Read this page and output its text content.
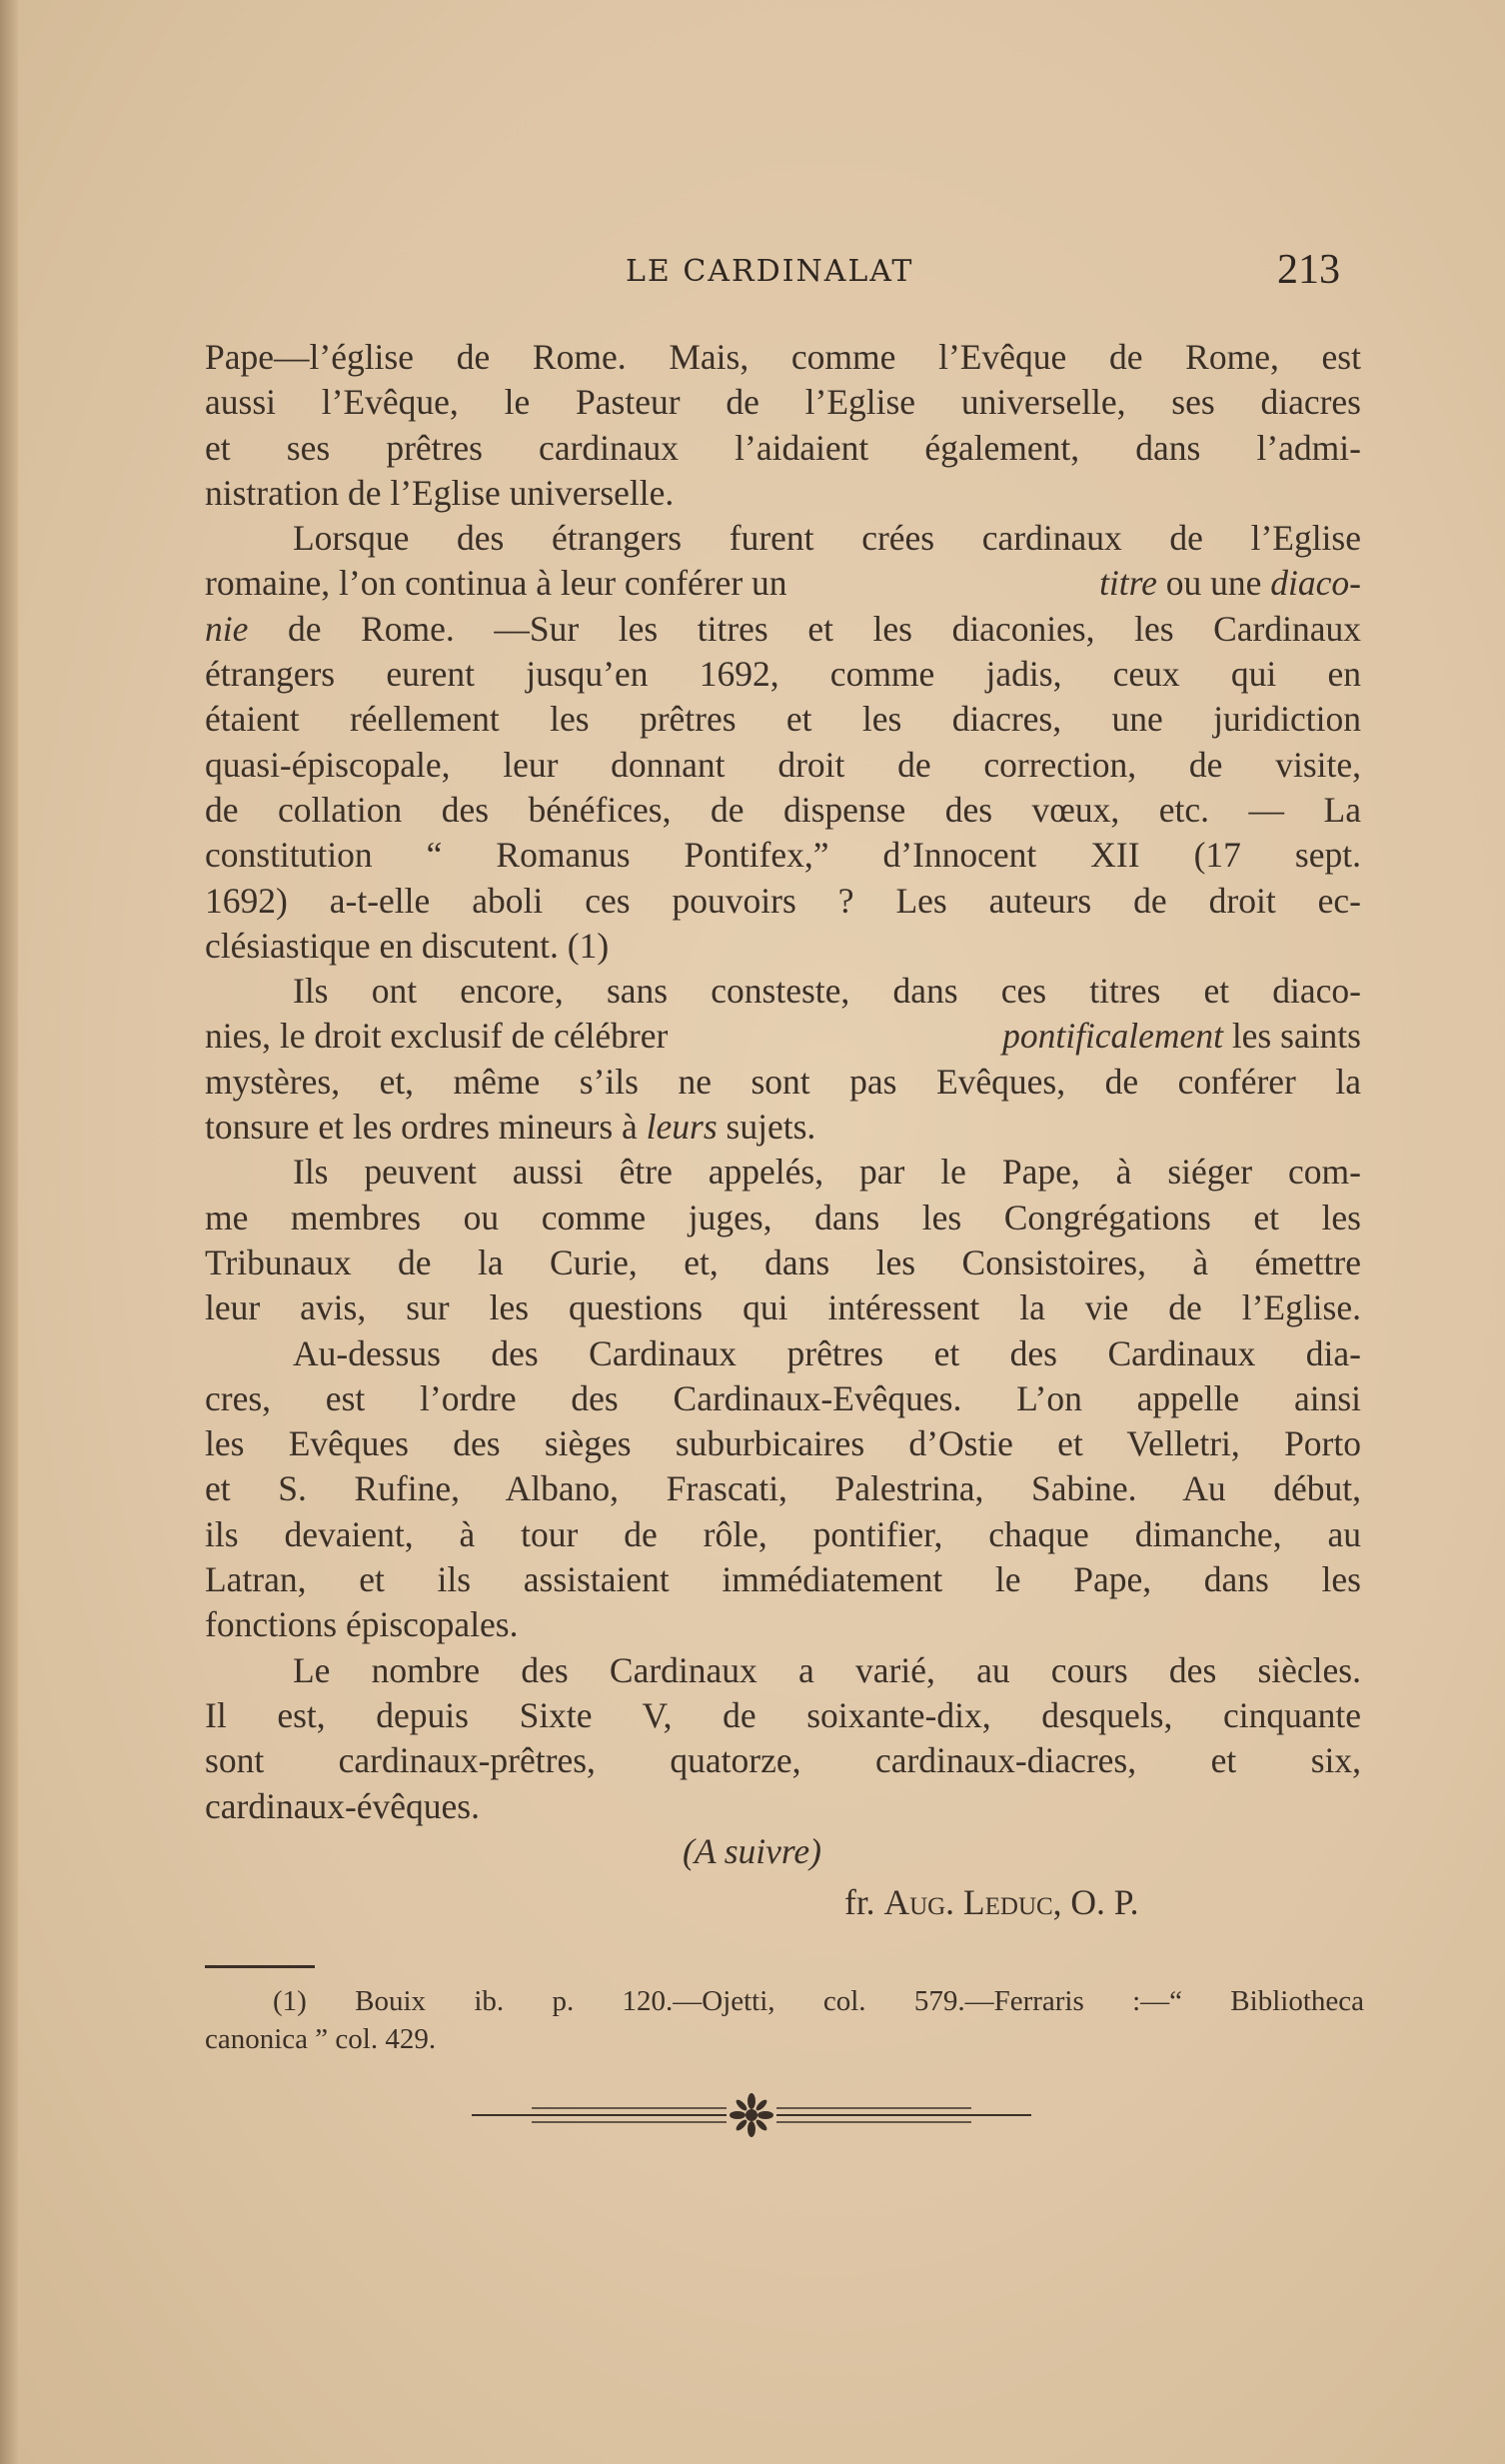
LE CARDINALAT	213
Pape—l’église de Rome. Mais, comme l’Evêque de Rome, est
aussi l’Evêque, le Pasteur de l’Eglise universelle, ses diacres
et ses prêtres cardinaux l’aidaient également, dans l’admi-
nistration de l’Eglise universelle.
Lorsque des étrangers furent crées cardinaux de l’Eglise
romaine, l’on continua à leur conférer un	titre ou une diaco-
nie de Rome. —Sur les titres et les diaconies, les Cardinaux
étrangers eurent jusqu’en 1692, comme jadis, ceux qui en
étaient réellement les prêtres et les diacres, une juridiction
quasi-épiscopale, leur donnant droit de correction, de visite,
de collation des bénéfices, de dispense des vœux, etc. — La
constitution “ Romanus Pontifex,” d’Innocent XII (17 sept.
1692) a-t-elle aboli ces pouvoirs ? Les auteurs de droit ec-
clésiastique en discutent. (1)
Ils ont encore, sans consteste, dans ces titres et diaco-
nies, le droit exclusif de célébrer	pontificalement les saints
mystères, et, même s’ils ne sont pas Evêques, de conférer la
tonsure et les ordres mineurs à leurs sujets.
Ils peuvent aussi être appelés, par le Pape, à siéger com-
me membres ou comme juges, dans les Congrégations et les
Tribunaux de la Curie, et, dans les Consistoires, à émettre
leur avis, sur les questions qui intéressent la vie de l’Eglise.
Au-dessus des Cardinaux prêtres et des Cardinaux dia-
cres, est l’ordre des Cardinaux-Evêques. L’on appelle ainsi
les Evêques des sièges suburbicaires d’Ostie et Velletri, Porto
et S. Rufine, Albano, Frascati, Palestrina, Sabine. Au début,
ils devaient, à tour de rôle, pontifier, chaque dimanche, au
Latran, et ils assistaient immédiatement le Pape, dans les
fonctions épiscopales.
Le nombre des Cardinaux a varié, au cours des siècles.
Il est, depuis Sixte V, de soixante-dix, desquels, cinquante
sont cardinaux-prêtres, quatorze, cardinaux-diacres, et six,
cardinaux-évêques.
(A suivre)
fr. Aug. Leduc, O. P.
(1) Bouix ib. p. 120.—Ojetti, col. 579.—Ferraris :—“ Bibliotheca
canonica ” col. 429.
